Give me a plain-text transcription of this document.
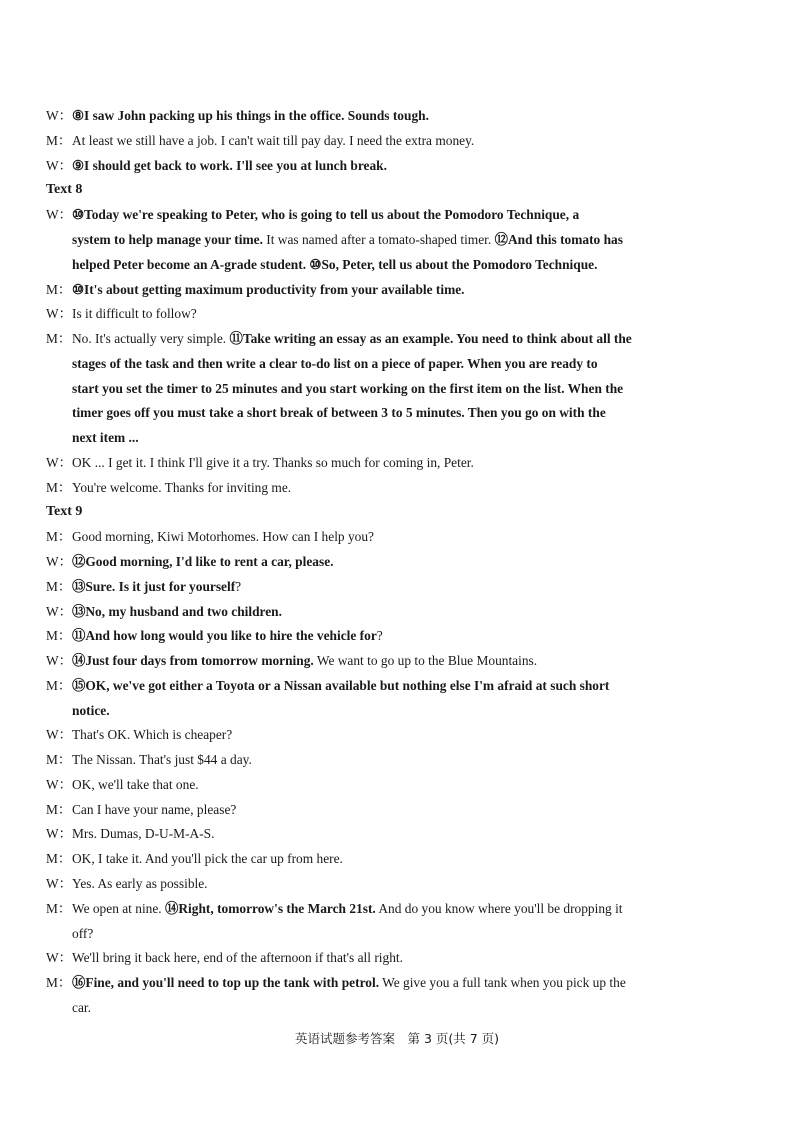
W：⑧I saw John packing up his things in the office. Sounds tough.
M：At least we still have a job. I can't wait till pay day. I need the extra money.
W：⑨I should get back to work. I'll see you at lunch break.
Text 8
W：⑩Today we're speaking to Peter, who is going to tell us about the Pomodoro Technique, a
system to help manage your time. It was named after a tomato-shaped timer. ⑫And this tomato has
helped Peter become an A-grade student. ⑩So, Peter, tell us about the Pomodoro Technique.
M：⑩It's about getting maximum productivity from your available time.
W：Is it difficult to follow?
M：No. It's actually very simple. ⑪Take writing an essay as an example. You need to think about all the
stages of the task and then write a clear to-do list on a piece of paper. When you are ready to
start you set the timer to 25 minutes and you start working on the first item on the list. When the
timer goes off you must take a short break of between 3 to 5 minutes. Then you go on with the
next item ...
W：OK ... I get it. I think I'll give it a try. Thanks so much for coming in, Peter.
M：You're welcome. Thanks for inviting me.
Text 9
M：Good morning, Kiwi Motorhomes. How can I help you?
W：⑫Good morning, I'd like to rent a car, please.
M：⑬Sure. Is it just for yourself?
W：⑬No, my husband and two children.
M：⑪And how long would you like to hire the vehicle for?
W：⑭Just four days from tomorrow morning. We want to go up to the Blue Mountains.
M：⑮OK, we've got either a Toyota or a Nissan available but nothing else I'm afraid at such short
notice.
W：That's OK. Which is cheaper?
M：The Nissan. That's just $44 a day.
W：OK, we'll take that one.
M：Can I have your name, please?
W：Mrs. Dumas, D-U-M-A-S.
M：OK, I take it. And you'll pick the car up from here.
W：Yes. As early as possible.
M：We open at nine. ⑭Right, tomorrow's the March 21st. And do you know where you'll be dropping it
off?
W：We'll bring it back here, end of the afternoon if that's all right.
M：⑯Fine, and you'll need to top up the tank with petrol. We give you a full tank when you pick up the
car.
英语试题参考答案　第 3 页(共 7 页)
